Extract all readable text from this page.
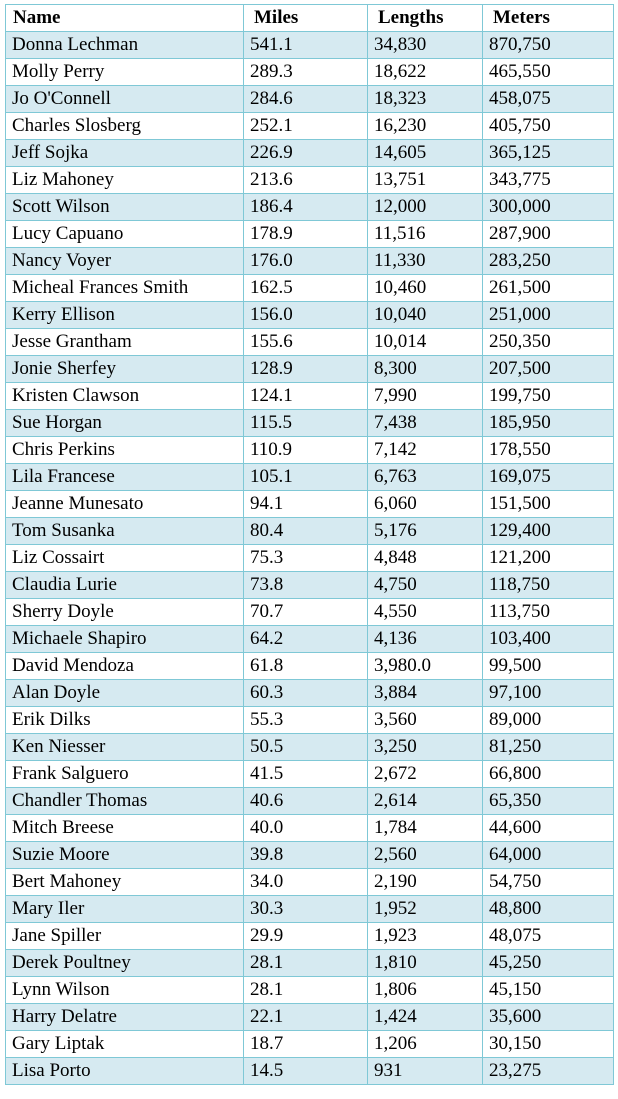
Name	Miles	Lengths	Meters
Donna Lechman	541.1	34,830	870,750
Molly Perry	289.3	18,622	465,550
Jo O'Connell	284.6	18,323	458,075
Charles Slosberg	252.1	16,230	405,750
Jeff Sojka	226.9	14,605	365,125
Liz Mahoney	213.6	13,751	343,775
Scott Wilson	186.4	12,000	300,000
Lucy Capuano	178.9	11,516	287,900
Nancy Voyer	176.0	11,330	283,250
Micheal Frances Smith	162.5	10,460	261,500
Kerry Ellison	156.0	10,040	251,000
Jesse Grantham	155.6	10,014	250,350
Jonie Sherfey	128.9	8,300	207,500
Kristen Clawson	124.1	7,990	199,750
Sue Horgan	115.5	7,438	185,950
Chris Perkins	110.9	7,142	178,550
Lila Francese	105.1	6,763	169,075
Jeanne Munesato	94.1	6,060	151,500
Tom Susanka	80.4	5,176	129,400
Liz Cossairt	75.3	4,848	121,200
Claudia Lurie	73.8	4,750	118,750
Sherry Doyle	70.7	4,550	113,750
Michaele Shapiro	64.2	4,136	103,400
David Mendoza	61.8	3,980.0	99,500
Alan Doyle	60.3	3,884	97,100
Erik Dilks	55.3	3,560	89,000
Ken Niesser	50.5	3,250	81,250
Frank Salguero	41.5	2,672	66,800
Chandler Thomas	40.6	2,614	65,350
Mitch Breese	40.0	1,784	44,600
Suzie Moore	39.8	2,560	64,000
Bert Mahoney	34.0	2,190	54,750
Mary Iler	30.3	1,952	48,800
Jane Spiller	29.9	1,923	48,075
Derek Poultney	28.1	1,810	45,250
Lynn Wilson	28.1	1,806	45,150
Harry Delatre	22.1	1,424	35,600
Gary Liptak	18.7	1,206	30,150
Lisa Porto	14.5	931	23,275
